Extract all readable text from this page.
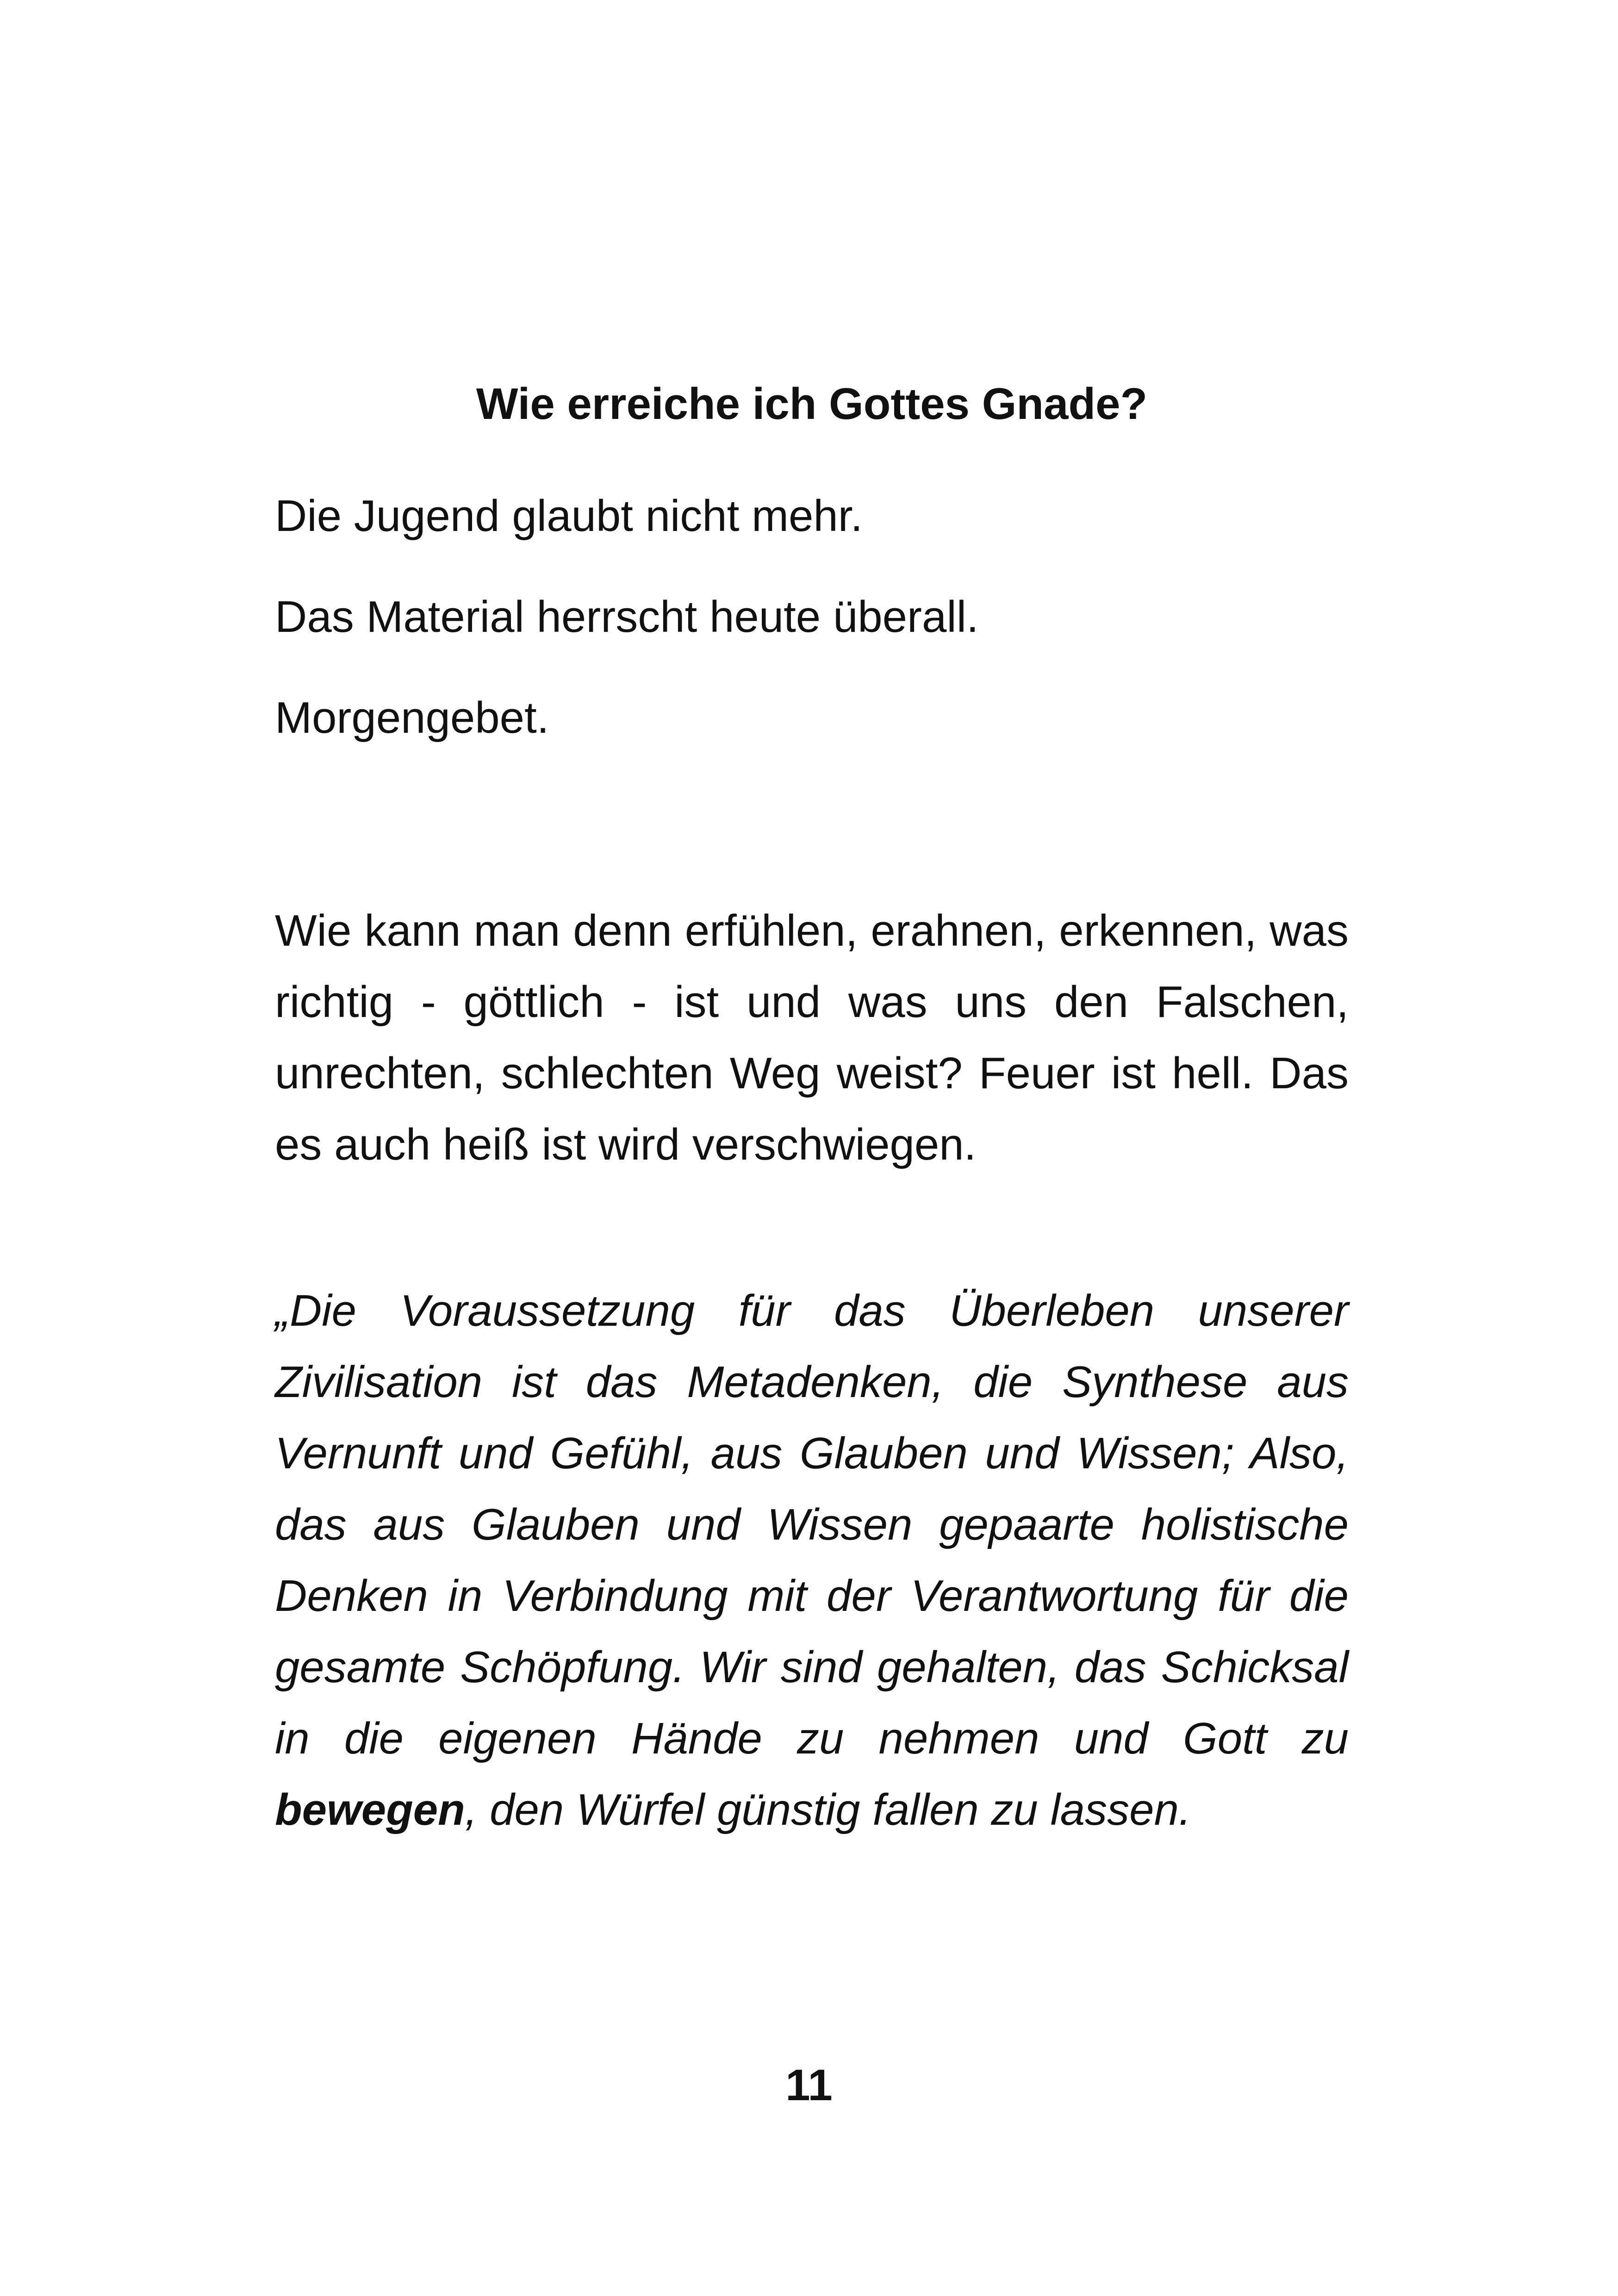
Wie erreiche ich Gottes Gnade?

Die Jugend glaubt nicht mehr.

Das Material herrscht heute überall.

Morgengebet.

Wie kann man denn erfühlen, erahnen, erkennen, was richtig - göttlich - ist und was uns den Falschen, unrechten, schlechten Weg weist? Feuer ist hell. Das es auch heiß ist wird verschwiegen.

„Die Voraussetzung für das Überleben unserer Zivilisation ist das Metadenken, die Synthese aus Vernunft und Gefühl, aus Glauben und Wissen; Also, das aus Glauben und Wissen gepaarte holistische Denken in Verbindung mit der Verantwortung für die gesamte Schöpfung. Wir sind gehalten, das Schicksal in die eigenen Hände zu nehmen und Gott zu bewegen, den Würfel günstig fallen zu lassen.

11
